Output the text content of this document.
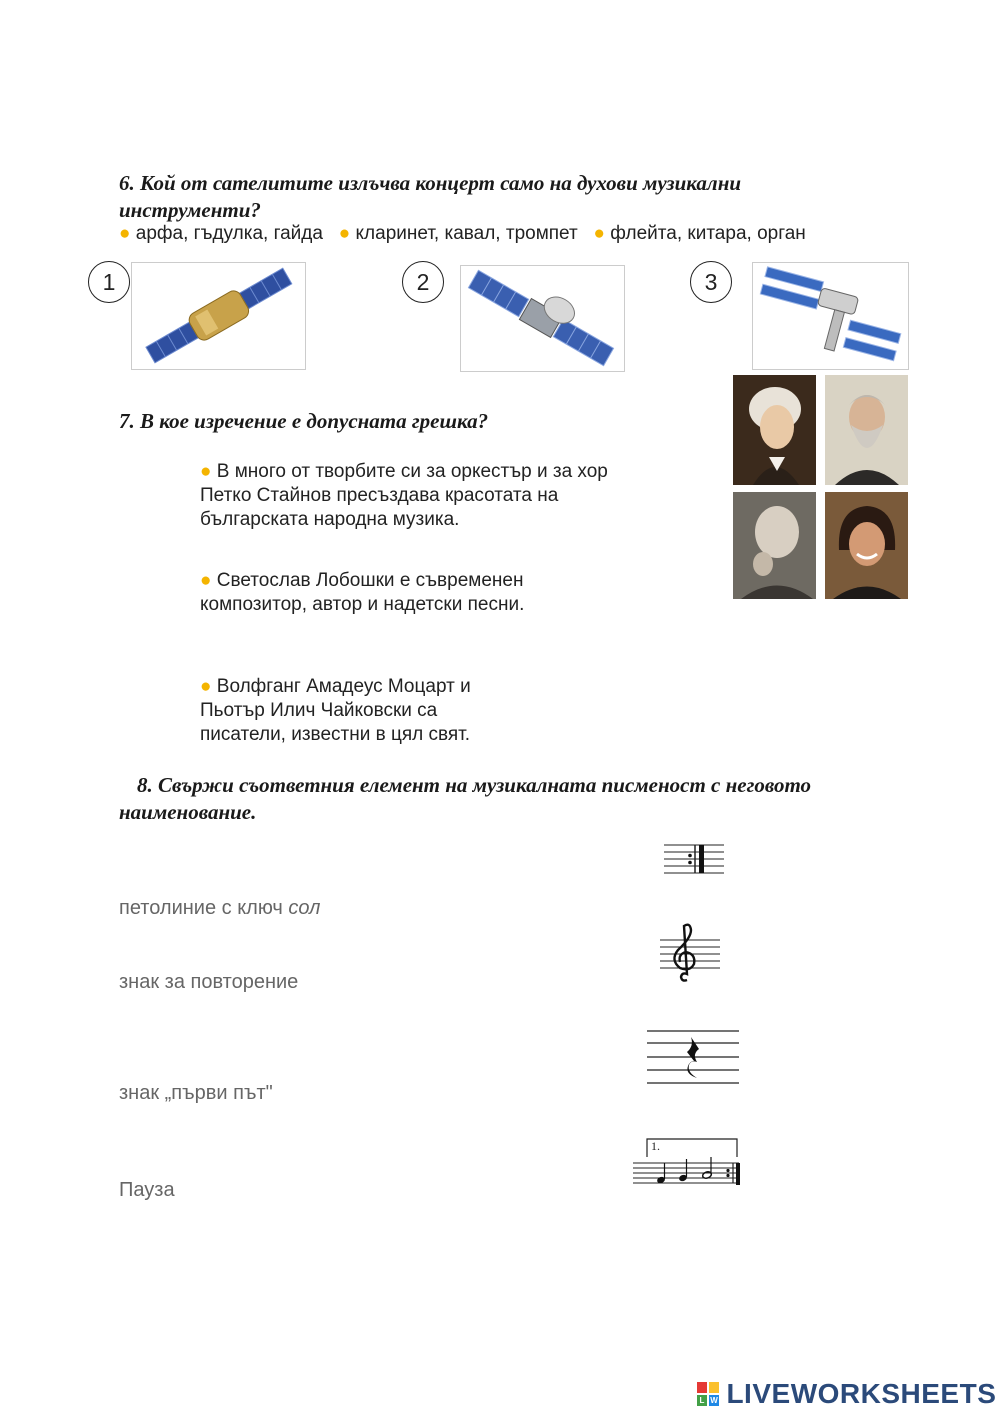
6. Кой от сателитите излъчва концерт само на духови музикални инструменти?
● арфа, гъдулка, гайда ● кларинет, кавал, тромпет ● флейта, китара, орган
1	2	3
7. В кое изречение е допусната грешка?
● В много от творбите си за оркестър и за хор Петко Стайнов пресъздава красотата на българската народна музика.
● Светослав Лобошки е съвременен композитор, автор и надетски песни.
● Волфганг Амадеус Моцарт и Пьотър Илич Чайковски са писатели, известни в цял свят.
8. Свържи съответния елемент на музикалната писменост с неговото наименование.
петолиние с ключ сол
знак за повторение
знак „първи път"
Пауза
1.
L W LIVEWORKSHEETS
